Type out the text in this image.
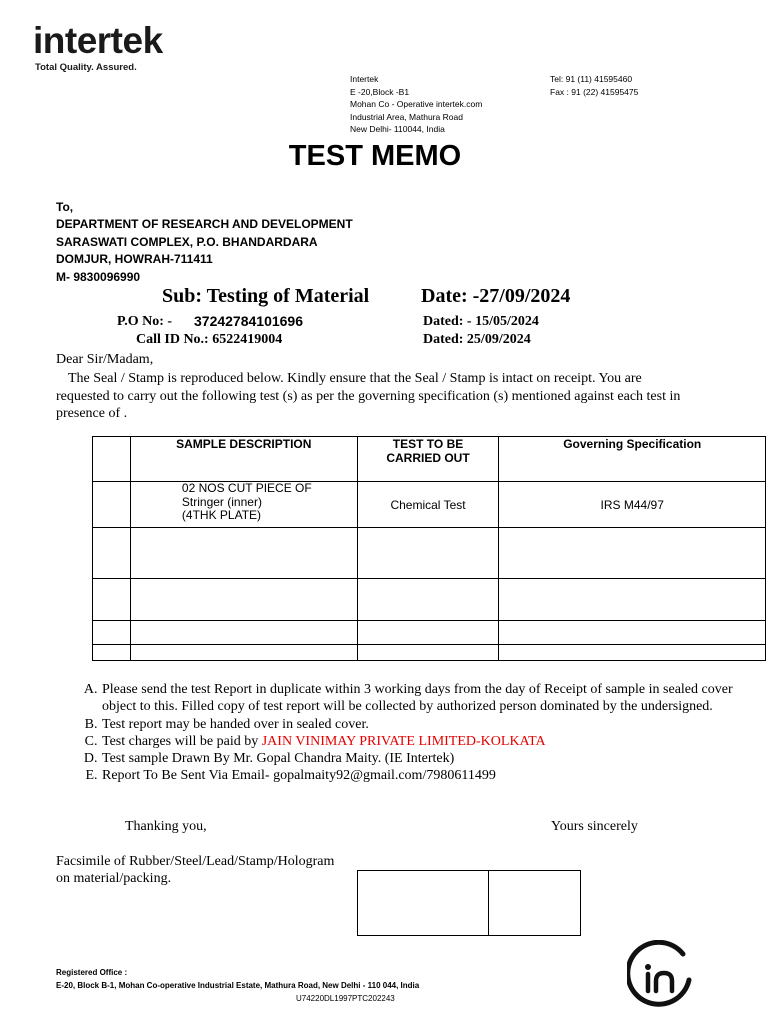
intertek
Total Quality. Assured.
Intertek
E -20,Block -B1
Mohan Co - Operative intertek.com
Industrial Area, Mathura Road
New Delhi- 110044, India
Tel: 91 (11) 41595460
Fax : 91 (22) 41595475
TEST MEMO
To,
DEPARTMENT OF RESEARCH AND DEVELOPMENT
SARASWATI COMPLEX, P.O. BHANDARDARA
DOMJUR, HOWRAH-711411
M- 9830096990
Sub: Testing of Material	Date: -27/09/2024
P.O No: - 37242784101696	Dated: - 15/05/2024
Call ID No.: 6522419004	Dated: 25/09/2024
Dear Sir/Madam,
The Seal / Stamp is reproduced below. Kindly ensure that the Seal / Stamp is intact on receipt. You are requested to carry out the following test (s) as per the governing specification (s) mentioned against each test in presence of .
	SAMPLE DESCRIPTION	TEST TO BE CARRIED OUT	Governing Specification

	02 NOS CUT PIECE OF
Stringer (inner)
(4THK PLATE)	Chemical Test	IRS M44/97

A. Please send the test Report in duplicate within 3 working days from the day of Receipt of sample in sealed cover object to this. Filled copy of test report will be collected by authorized person dominated by the undersigned.
B. Test report may be handed over in sealed cover.
C. Test charges will be paid by JAIN VINIMAY PRIVATE LIMITED-KOLKATA
D. Test sample Drawn By Mr. Gopal Chandra Maity. (IE Intertek)
E. Report To Be Sent Via Email- gopalmaity92@gmail.com/7980611499
Thanking you,	Yours sincerely
Facsimile of Rubber/Steel/Lead/Stamp/Hologram
on material/packing.
Registered Office :
E-20, Block B-1, Mohan Co-operative Industrial Estate, Mathura Road, New Delhi - 110 044, India
U74220DL1997PTC202243
